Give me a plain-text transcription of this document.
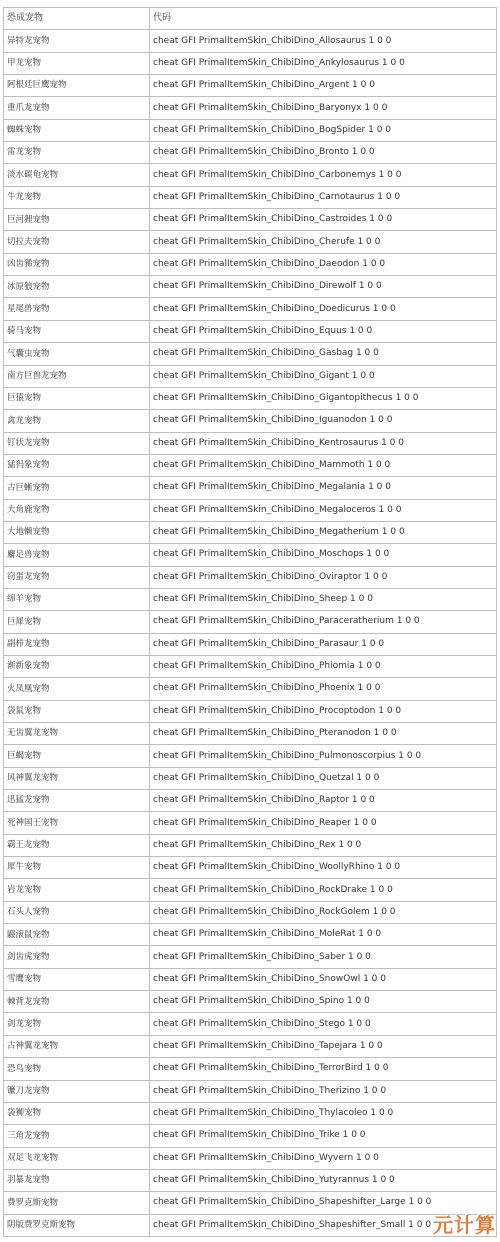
恐成宠物	代码
异特龙宠物	cheat GFI PrimalItemSkin_ChibiDino_Allosaurus 1 0 0
甲龙宠物	cheat GFI PrimalItemSkin_ChibiDino_Ankylosaurus 1 0 0
阿根廷巨鹰宠物	cheat GFI PrimalItemSkin_ChibiDino_Argent 1 0 0
重爪龙宠物	cheat GFI PrimalItemSkin_ChibiDino_Baryonyx 1 0 0
蜘蛛宠物	cheat GFI PrimalItemSkin_ChibiDino_BogSpider 1 0 0
雷龙宠物	cheat GFI PrimalItemSkin_ChibiDino_Bronto 1 0 0
淡水碳龟宠物	cheat GFI PrimalItemSkin_ChibiDino_Carbonemys 1 0 0
牛龙宠物	cheat GFI PrimalItemSkin_ChibiDino_Carnotaurus 1 0 0
巨河狸宠物	cheat GFI PrimalItemSkin_ChibiDino_Castroides 1 0 0
切拉夫宠物	cheat GFI PrimalItemSkin_ChibiDino_Cherufe 1 0 0
凶齿豨宠物	cheat GFI PrimalItemSkin_ChibiDino_Daeodon 1 0 0
冰原狼宠物	cheat GFI PrimalItemSkin_ChibiDino_Direwolf 1 0 0
星尾兽宠物	cheat GFI PrimalItemSkin_ChibiDino_Doedicurus 1 0 0
骑马宠物	cheat GFI PrimalItemSkin_ChibiDino_Equus 1 0 0
气囊虫宠物	cheat GFI PrimalItemSkin_ChibiDino_Gasbag 1 0 0
南方巨兽龙宠物	cheat GFI PrimalItemSkin_ChibiDino_Gigant 1 0 0
巨猿宠物	cheat GFI PrimalItemSkin_ChibiDino_Gigantopithecus 1 0 0
禽龙宠物	cheat GFI PrimalItemSkin_ChibiDino_Iguanodon 1 0 0
钉状龙宠物	cheat GFI PrimalItemSkin_ChibiDino_Kentrosaurus 1 0 0
猛犸象宠物	cheat GFI PrimalItemSkin_ChibiDino_Mammoth 1 0 0
古巨蜥宠物	cheat GFI PrimalItemSkin_ChibiDino_Megalania 1 0 0
大角鹿宠物	cheat GFI PrimalItemSkin_ChibiDino_Megaloceros 1 0 0
大地懒宠物	cheat GFI PrimalItemSkin_ChibiDino_Megatherium 1 0 0
麝足兽宠物	cheat GFI PrimalItemSkin_ChibiDino_Moschops 1 0 0
窃蛋龙宠物	cheat GFI PrimalItemSkin_ChibiDino_Oviraptor 1 0 0
绵羊宠物	cheat GFI PrimalItemSkin_ChibiDino_Sheep 1 0 0
巨犀宠物	cheat GFI PrimalItemSkin_ChibiDino_Paraceratherium 1 0 0
副栉龙宠物	cheat GFI PrimalItemSkin_ChibiDino_Parasaur 1 0 0
渐新象宠物	cheat GFI PrimalItemSkin_ChibiDino_Phiomia 1 0 0
火凤凰宠物	cheat GFI PrimalItemSkin_ChibiDino_Phoenix 1 0 0
袋鼠宠物	cheat GFI PrimalItemSkin_ChibiDino_Procoptodon 1 0 0
无齿翼龙宠物	cheat GFI PrimalItemSkin_ChibiDino_Pteranodon 1 0 0
巨蝎宠物	cheat GFI PrimalItemSkin_ChibiDino_Pulmonoscorpius 1 0 0
风神翼龙宠物	cheat GFI PrimalItemSkin_ChibiDino_Quetzal 1 0 0
迅猛龙宠物	cheat GFI PrimalItemSkin_ChibiDino_Raptor 1 0 0
死神国王宠物	cheat GFI PrimalItemSkin_ChibiDino_Reaper 1 0 0
霸王龙宠物	cheat GFI PrimalItemSkin_ChibiDino_Rex 1 0 0
犀牛宠物	cheat GFI PrimalItemSkin_ChibiDino_WoollyRhino 1 0 0
岩龙宠物	cheat GFI PrimalItemSkin_ChibiDino_RockDrake 1 0 0
石头人宠物	cheat GFI PrimalItemSkin_ChibiDino_RockGolem 1 0 0
鼹滚鼠宠物	cheat GFI PrimalItemSkin_ChibiDino_MoleRat 1 0 0
剑齿虎宠物	cheat GFI PrimalItemSkin_ChibiDino_Saber 1 0 0
雪鹰宠物	cheat GFI PrimalItemSkin_ChibiDino_SnowOwl 1 0 0
棘背龙宠物	cheat GFI PrimalItemSkin_ChibiDino_Spino 1 0 0
剑龙宠物	cheat GFI PrimalItemSkin_ChibiDino_Stego 1 0 0
古神翼龙宠物	cheat GFI PrimalItemSkin_ChibiDino_Tapejara 1 0 0
恐鸟宠物	cheat GFI PrimalItemSkin_ChibiDino_TerrorBird 1 0 0
镰刀龙宠物	cheat GFI PrimalItemSkin_ChibiDino_Therizino 1 0 0
袋狮宠物	cheat GFI PrimalItemSkin_ChibiDino_Thylacoleo 1 0 0
三角龙宠物	cheat GFI PrimalItemSkin_ChibiDino_Trike 1 0 0
双足飞龙宠物	cheat GFI PrimalItemSkin_ChibiDino_Wyvern 1 0 0
羽暴龙宠物	cheat GFI PrimalItemSkin_ChibiDino_Yutyrannus 1 0 0
费罗克斯宠物	cheat GFI PrimalItemSkin_ChibiDino_Shapeshifter_Large 1 0 0
阴版费罗克斯宠物	cheat GFI PrimalItemSkin_ChibiDino_Shapeshifter_Small 1 0 0 元计算
